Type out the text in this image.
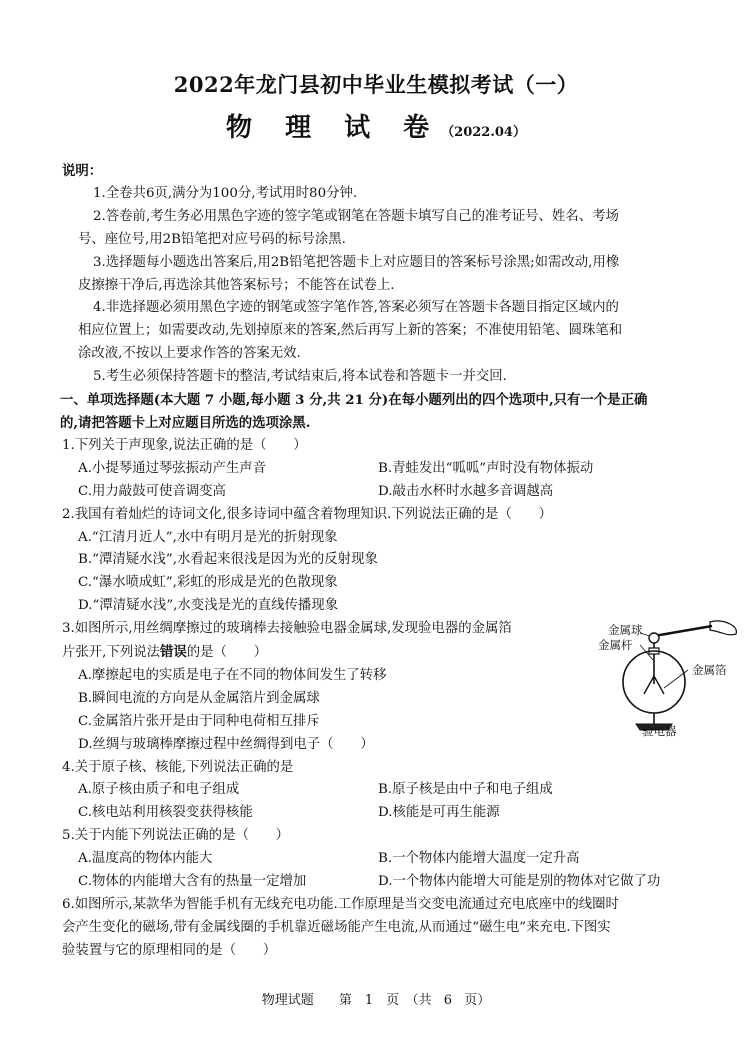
2022年龙门县初中毕业生模拟考试（一）
物 理 试 卷（2022.04）
说明：
1.全卷共6页,满分为100分,考试用时80分钟.
2.答卷前,考生务必用黑色字迹的签字笔或钢笔在答题卡填写自己的准考证号、姓名、考场
号、座位号,用2B铅笔把对应号码的标号涂黑.
3.选择题每小题选出答案后,用2B铅笔把答题卡上对应题目的答案标号涂黑;如需改动,用橡
皮擦擦干净后,再选涂其他答案标号；不能答在试卷上.
4.非选择题必须用黑色字迹的钢笔或签字笔作答,答案必须写在答题卡各题目指定区域内的
相应位置上；如需要改动,先划掉原来的答案,然后再写上新的答案；不准使用铅笔、圆珠笔和
涂改液,不按以上要求作答的答案无效.
5.考生必须保持答题卡的整洁,考试结束后,将本试卷和答题卡一并交回.
一、单项选择题(本大题 7 小题,每小题 3 分,共 21 分)在每小题列出的四个选项中,只有一个是正确
的,请把答题卡上对应题目所选的选项涂黑.
1.下列关于声现象,说法正确的是（　　）
A.小提琴通过琴弦振动产生声音	B.青蛙发出“呱呱”声时没有物体振动
C.用力敲鼓可使音调变高	D.敲击水杯时水越多音调越高
2.我国有着灿烂的诗词文化,很多诗词中蕴含着物理知识.下列说法正确的是（　　）
A.“江清月近人”,水中有明月是光的折射现象
B.“潭清疑水浅”,水看起来很浅是因为光的反射现象
C.“瀑水喷成虹”,彩虹的形成是光的色散现象
D.“潭清疑水浅”,水变浅是光的直线传播现象
3.如图所示,用丝绸摩擦过的玻璃棒去接触验电器金属球,发现验电器的金属箔
片张开,下列说法错误的是（　　）
A.摩擦起电的实质是电子在不同的物体间发生了转移
B.瞬间电流的方向是从金属箔片到金属球
C.金属箔片张开是由于同种电荷相互排斥
D.丝绸与玻璃棒摩擦过程中丝绸得到电子（　　）
4.关于原子核、核能,下列说法正确的是
A.原子核由质子和电子组成	B.原子核是由中子和电子组成
C.核电站利用核裂变获得核能	D.核能是可再生能源
5.关于内能下列说法正确的是（　　）
A.温度高的物体内能大	B.一个物体内能增大温度一定升高
C.物体的内能增大含有的热量一定增加	D.一个物体内能增大可能是别的物体对它做了功
6.如图所示,某款华为智能手机有无线充电功能.工作原理是当交变电流通过充电底座中的线圈时
会产生变化的磁场,带有金属线圈的手机靠近磁场能产生电流,从而通过“磁生电”来充电.下图实
验装置与它的原理相同的是（　　）
金属球
金属杆
金属箔
验电器
物理试题　 第　1　页　（共 6 页）
